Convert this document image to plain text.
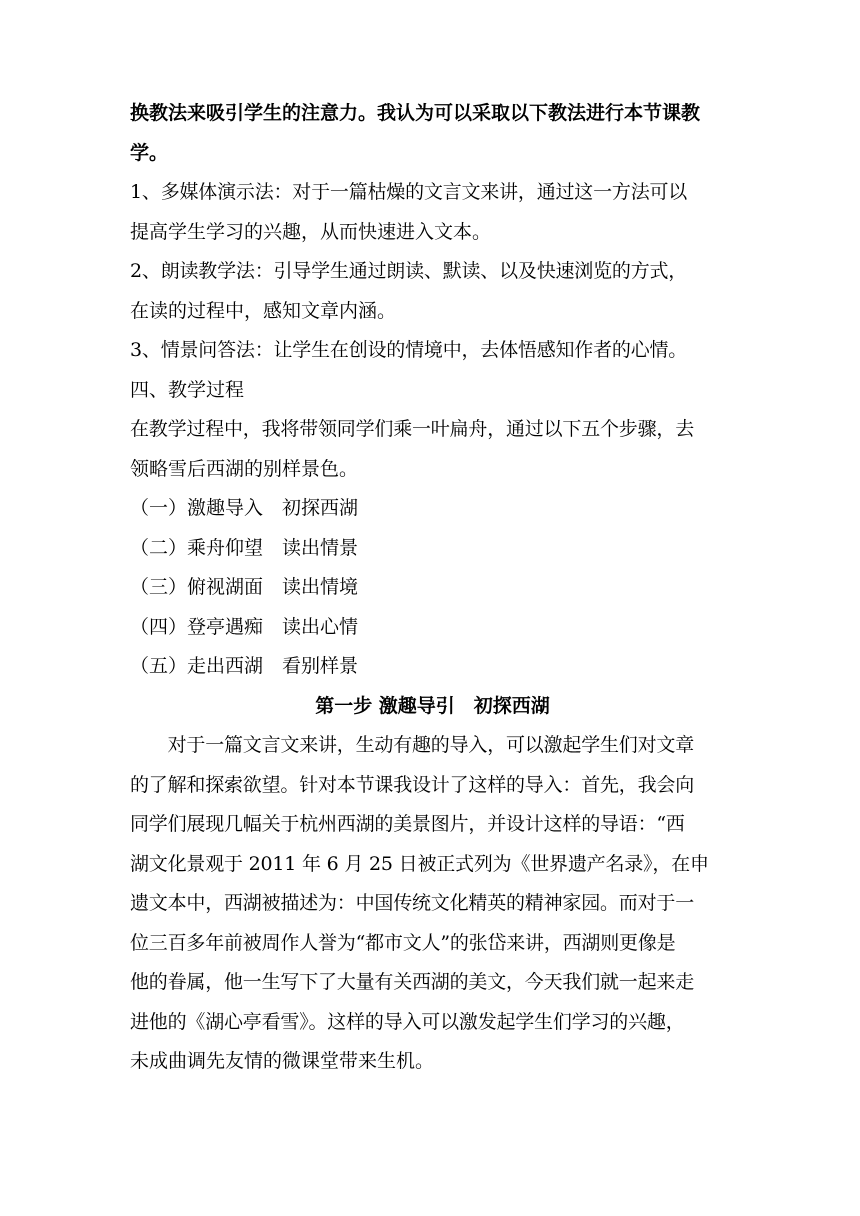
换教法来吸引学生的注意力。我认为可以采取以下教法进行本节课教
学。
1、多媒体演示法：对于一篇枯燥的文言文来讲，通过这一方法可以
提高学生学习的兴趣，从而快速进入文本。
2、朗读教学法：引导学生通过朗读、默读、以及快速浏览的方式，
在读的过程中，感知文章内涵。
3、情景问答法：让学生在创设的情境中，去体悟感知作者的心情。
四、教学过程
在教学过程中，我将带领同学们乘一叶扁舟，通过以下五个步骤，去
领略雪后西湖的别样景色。
（一）激趣导入　初探西湖
（二）乘舟仰望　读出情景
（三）俯视湖面　读出情境
（四）登亭遇痴　读出心情
（五）走出西湖　看别样景
第一步 激趣导引　初探西湖
　　对于一篇文言文来讲，生动有趣的导入，可以激起学生们对文章
的了解和探索欲望。针对本节课我设计了这样的导入：首先，我会向
同学们展现几幅关于杭州西湖的美景图片，并设计这样的导语：“西
湖文化景观于 2011 年 6 月 25 日被正式列为《世界遗产名录》，在申
遗文本中，西湖被描述为：中国传统文化精英的精神家园。而对于一
位三百多年前被周作人誉为“都市文人”的张岱来讲，西湖则更像是
他的眷属，他一生写下了大量有关西湖的美文，今天我们就一起来走
进他的《湖心亭看雪》。这样的导入可以激发起学生们学习的兴趣，
未成曲调先友情的微课堂带来生机。
